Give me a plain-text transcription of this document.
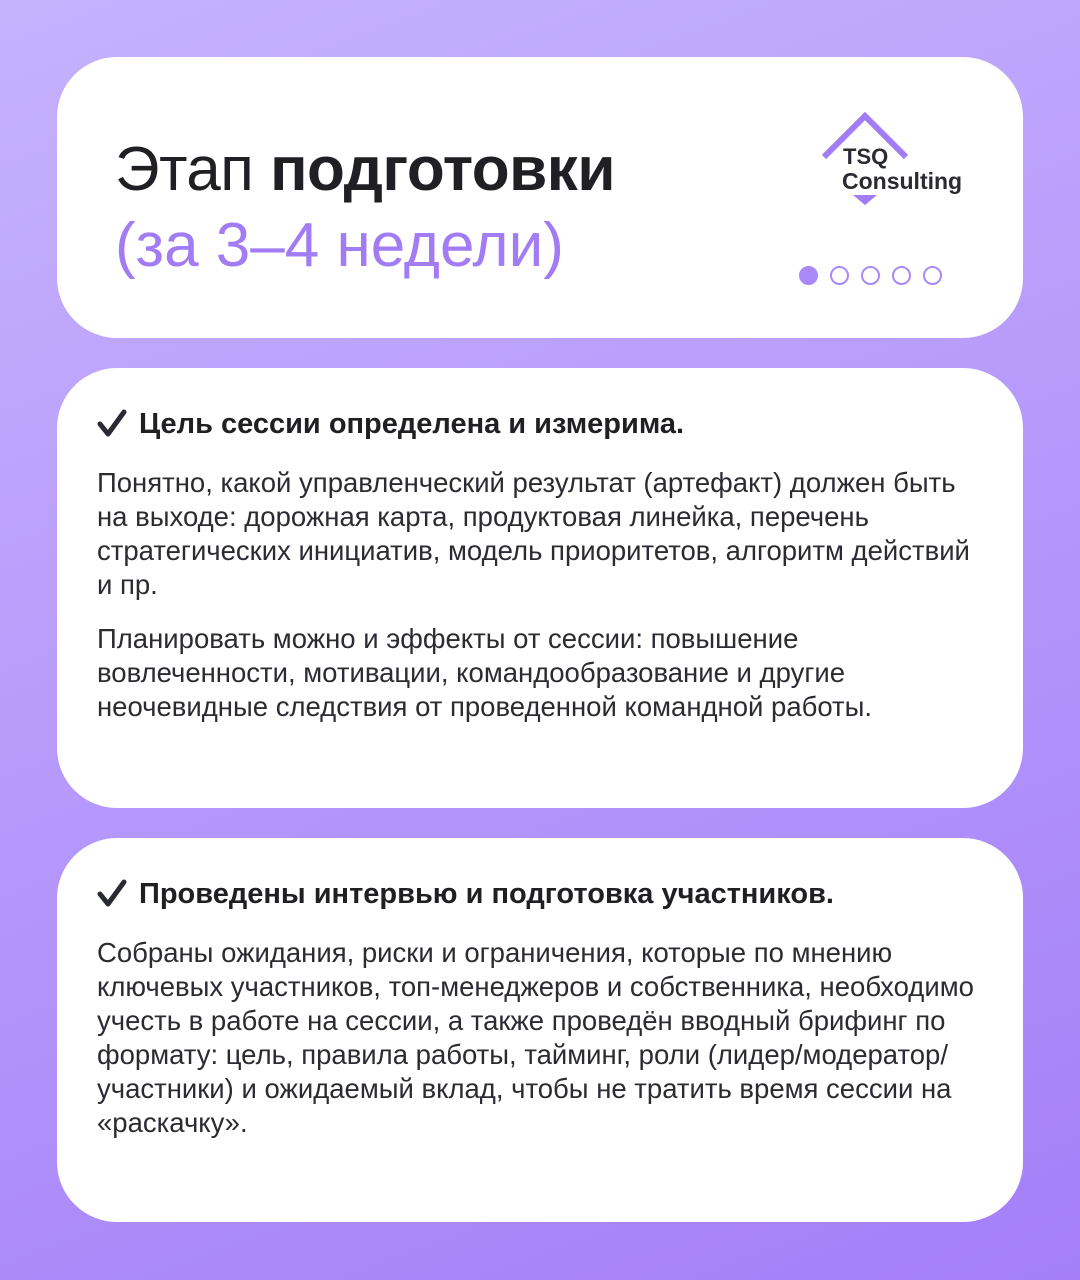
Этап подготовки
(за 3–4 недели)
TSQ
Consulting
Цель сессии определена и измерима.

Понятно, какой управленческий результат (артефакт) должен быть на выходе: дорожная карта, продуктовая линейка, перечень стратегических инициатив, модель приоритетов, алгоритм действий и пр.

Планировать можно и эффекты от сессии: повышение вовлеченности, мотивации, командообразование и другие неочевидные следствия от проведенной командной работы.

Проведены интервью и подготовка участников.

Собраны ожидания, риски и ограничения, которые по мнению ключевых участников, топ-менеджеров и собственника, необходимо учесть в работе на сессии, а также проведён вводный брифинг по формату: цель, правила работы, тайминг, роли (лидер/модератор/участники) и ожидаемый вклад, чтобы не тратить время сессии на «раскачку».
